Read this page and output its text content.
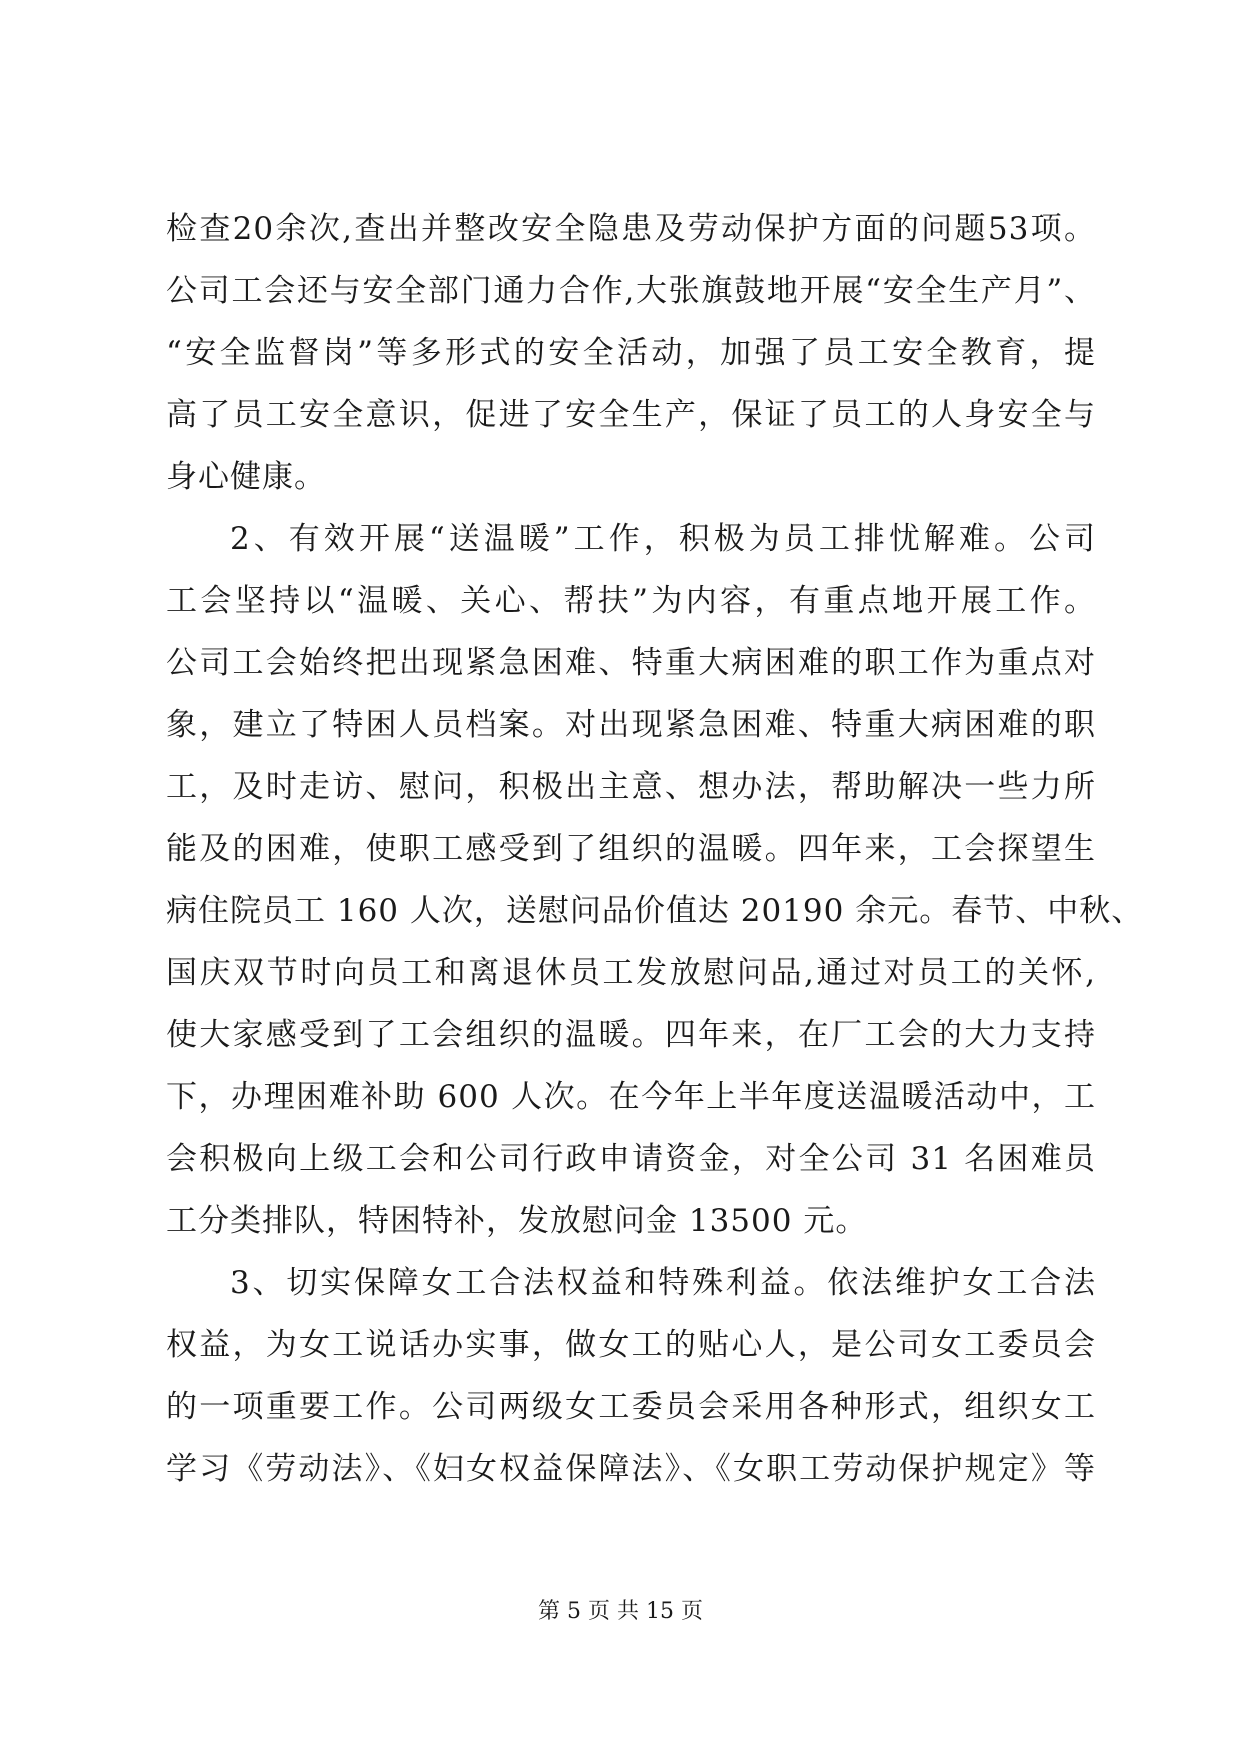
检查20余次,查出并整改安全隐患及劳动保护方面的问题53项。
公司工会还与安全部门通力合作,大张旗鼓地开展“安全生产月”、
“安全监督岗”等多形式的安全活动，加强了员工安全教育，提
高了员工安全意识，促进了安全生产，保证了员工的人身安全与
身心健康。
2、有效开展“送温暖”工作，积极为员工排忧解难。公司
工会坚持以“温暖、关心、帮扶”为内容，有重点地开展工作。
公司工会始终把出现紧急困难、特重大病困难的职工作为重点对
象，建立了特困人员档案。对出现紧急困难、特重大病困难的职
工，及时走访、慰问，积极出主意、想办法，帮助解决一些力所
能及的困难，使职工感受到了组织的温暖。四年来，工会探望生
病住院员工 160 人次，送慰问品价值达 20190 余元。春节、中秋、
国庆双节时向员工和离退休员工发放慰问品,通过对员工的关怀,
使大家感受到了工会组织的温暖。四年来，在厂工会的大力支持
下，办理困难补助 600 人次。在今年上半年度送温暖活动中，工
会积极向上级工会和公司行政申请资金，对全公司 31 名困难员
工分类排队，特困特补，发放慰问金 13500 元。
3、切实保障女工合法权益和特殊利益。依法维护女工合法
权益，为女工说话办实事，做女工的贴心人，是公司女工委员会
的一项重要工作。公司两级女工委员会采用各种形式，组织女工
学习《劳动法》、《妇女权益保障法》、《女职工劳动保护规定》等
第 5 页 共 15 页
